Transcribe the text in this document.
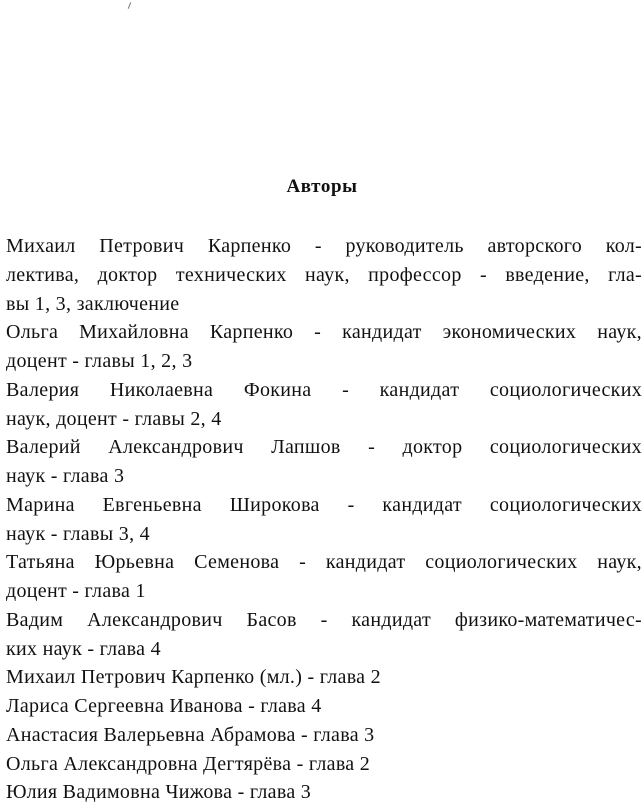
Авторы
Михаил Петрович Карпенко - руководитель авторского кол-
лектива, доктор технических наук, профессор - введение, гла-
вы 1, 3, заключение
Ольга Михайловна Карпенко - кандидат экономических наук,
доцент - главы 1, 2, 3
Валерия Николаевна Фокина - кандидат социологических
наук, доцент - главы 2, 4
Валерий Александрович Лапшов - доктор социологических
наук - глава 3
Марина Евгеньевна Широкова - кандидат социологических
наук - главы 3, 4
Татьяна Юрьевна Семенова - кандидат социологических наук,
доцент - глава 1
Вадим Александрович Басов - кандидат физико-математичес-
ких наук - глава 4
Михаил Петрович Карпенко (мл.) - глава 2
Лариса Сергеевна Иванова - глава 4
Анастасия Валерьевна Абрамова - глава 3
Ольга Александровна Дегтярёва - глава 2
Юлия Вадимовна Чижова - глава 3
